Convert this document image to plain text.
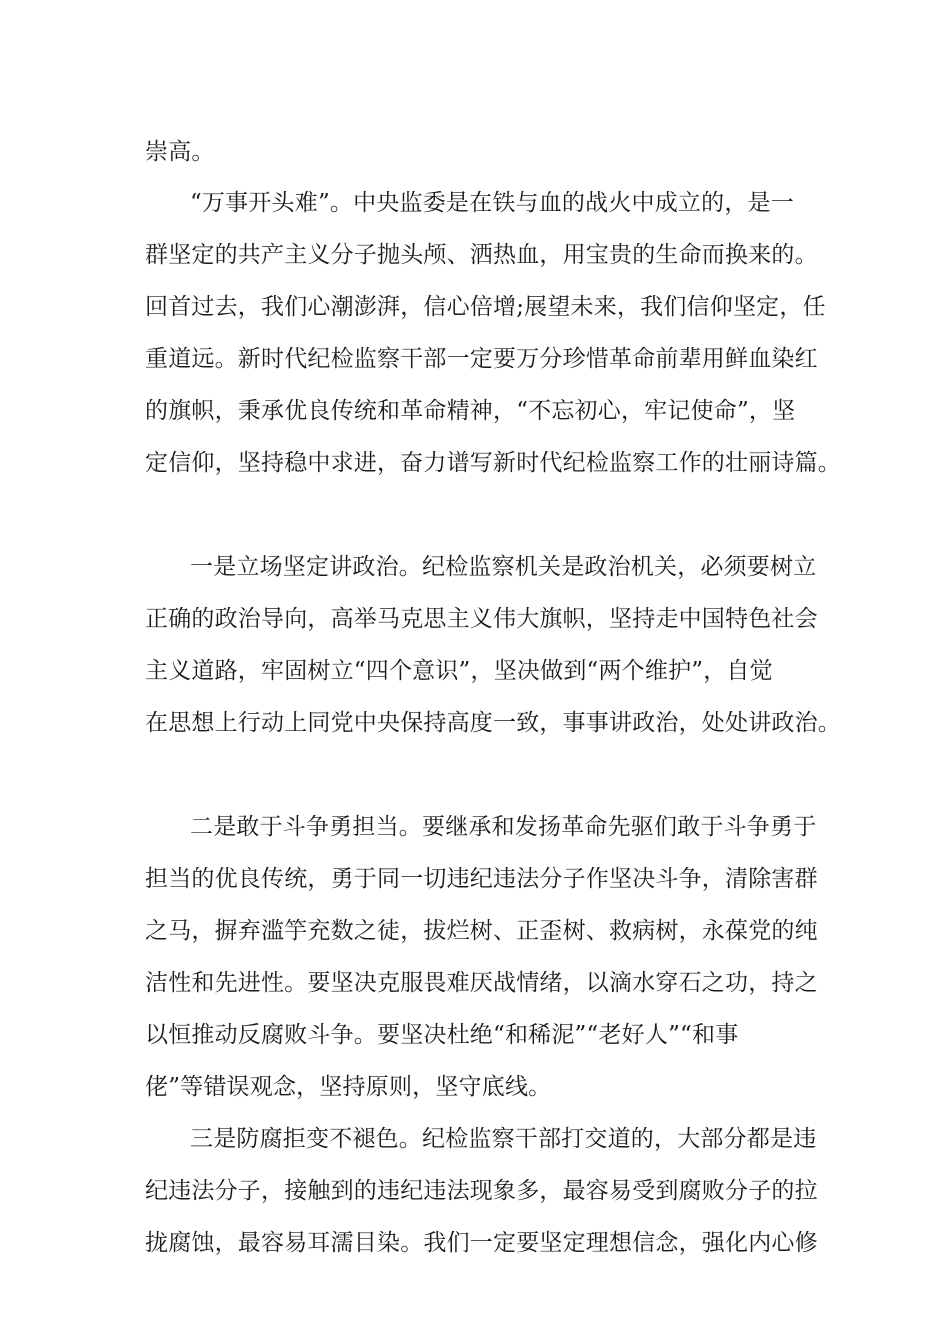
崇高。
“万事开头难”。中央监委是在铁与血的战火中成立的，是一
群坚定的共产主义分子抛头颅、洒热血，用宝贵的生命而换来的。
回首过去，我们心潮澎湃，信心倍增;展望未来，我们信仰坚定，任
重道远。新时代纪检监察干部一定要万分珍惜革命前辈用鲜血染红
的旗帜，秉承优良传统和革命精神，“不忘初心，牢记使命”，坚
定信仰，坚持稳中求进，奋力谱写新时代纪检监察工作的壮丽诗篇。
一是立场坚定讲政治。纪检监察机关是政治机关，必须要树立
正确的政治导向，高举马克思主义伟大旗帜，坚持走中国特色社会
主义道路，牢固树立“四个意识”，坚决做到“两个维护”，自觉
在思想上行动上同党中央保持高度一致，事事讲政治，处处讲政治。
二是敢于斗争勇担当。要继承和发扬革命先驱们敢于斗争勇于
担当的优良传统，勇于同一切违纪违法分子作坚决斗争，清除害群
之马，摒弃滥竽充数之徒，拔烂树、正歪树、救病树，永葆党的纯
洁性和先进性。要坚决克服畏难厌战情绪，以滴水穿石之功，持之
以恒推动反腐败斗争。要坚决杜绝“和稀泥”“老好人”“和事
佬”等错误观念，坚持原则，坚守底线。
三是防腐拒变不褪色。纪检监察干部打交道的，大部分都是违
纪违法分子，接触到的违纪违法现象多，最容易受到腐败分子的拉
拢腐蚀，最容易耳濡目染。我们一定要坚定理想信念，强化内心修
